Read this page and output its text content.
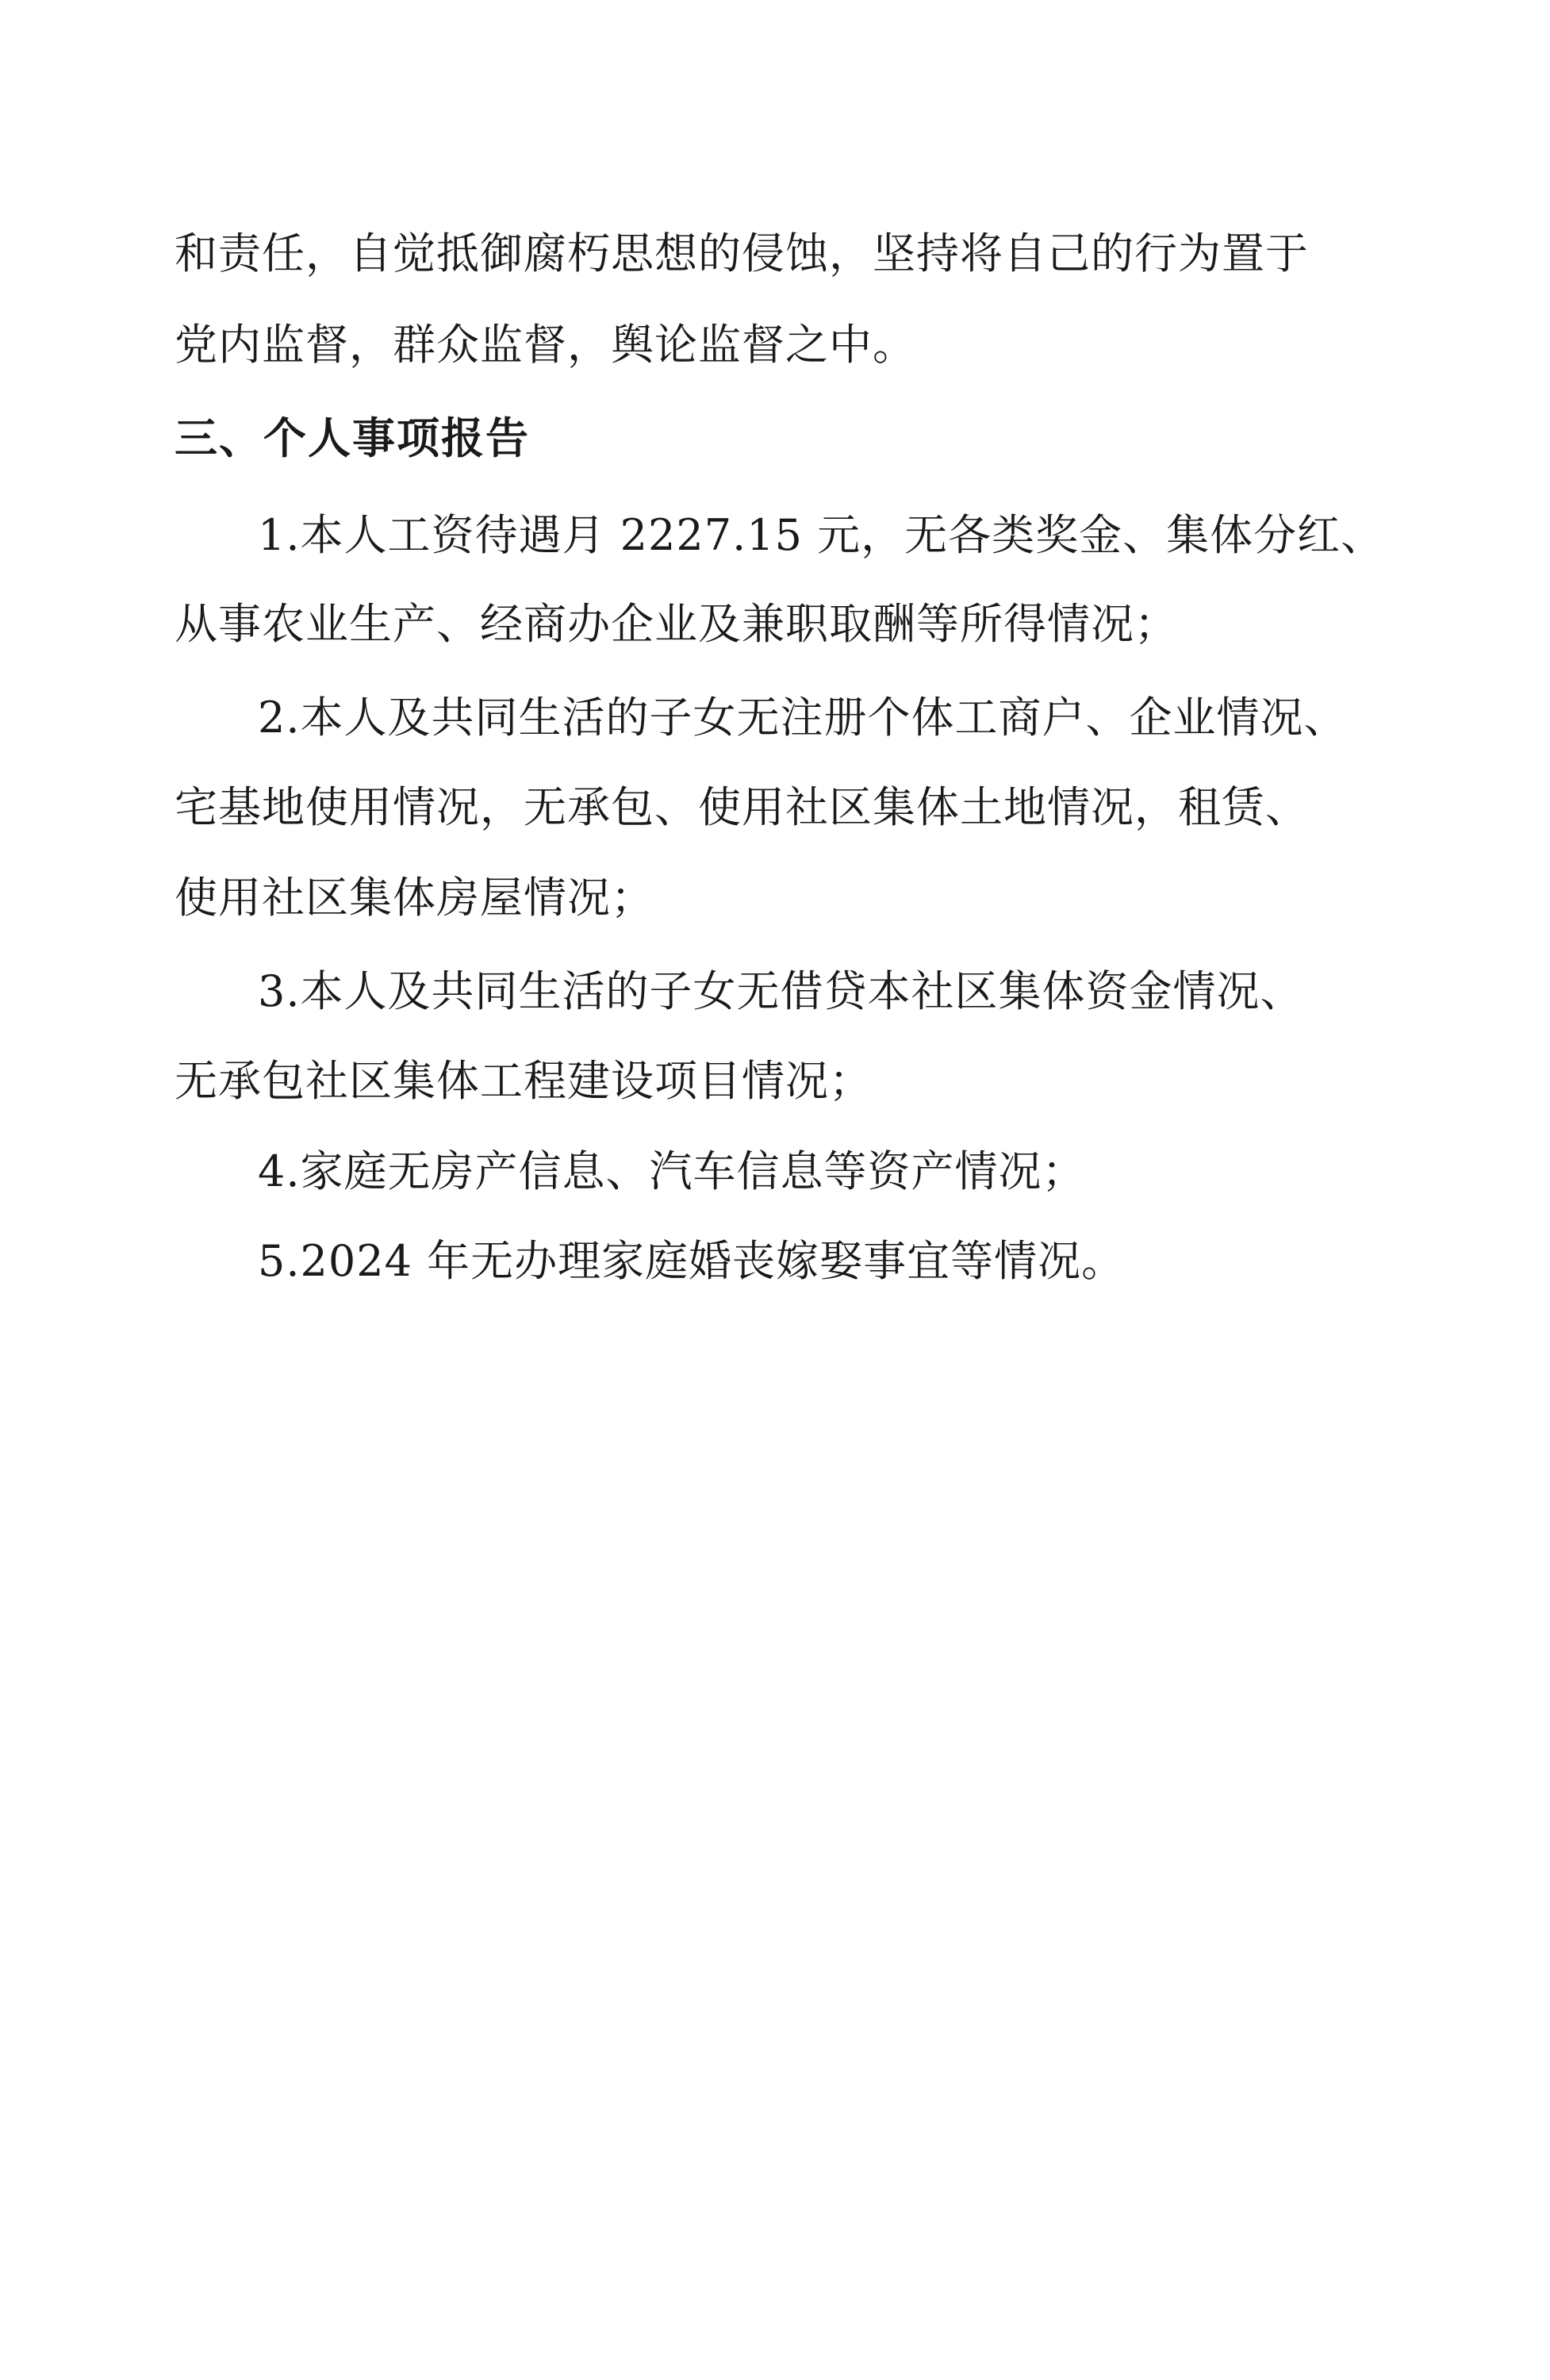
和责任，自觉抵御腐朽思想的侵蚀，坚持将自己的行为置于
党内监督，群众监督，舆论监督之中。
三、个人事项报告
1.本人工资待遇月 2227.15 元，无各类奖金、集体分红、
从事农业生产、经商办企业及兼职取酬等所得情况；
2.本人及共同生活的子女无注册个体工商户、企业情况、
宅基地使用情况，无承包、使用社区集体土地情况，租赁、
使用社区集体房屋情况；
3.本人及共同生活的子女无借贷本社区集体资金情况、
无承包社区集体工程建设项目情况；
4.家庭无房产信息、汽车信息等资产情况；
5.2024 年无办理家庭婚丧嫁娶事宜等情况。
